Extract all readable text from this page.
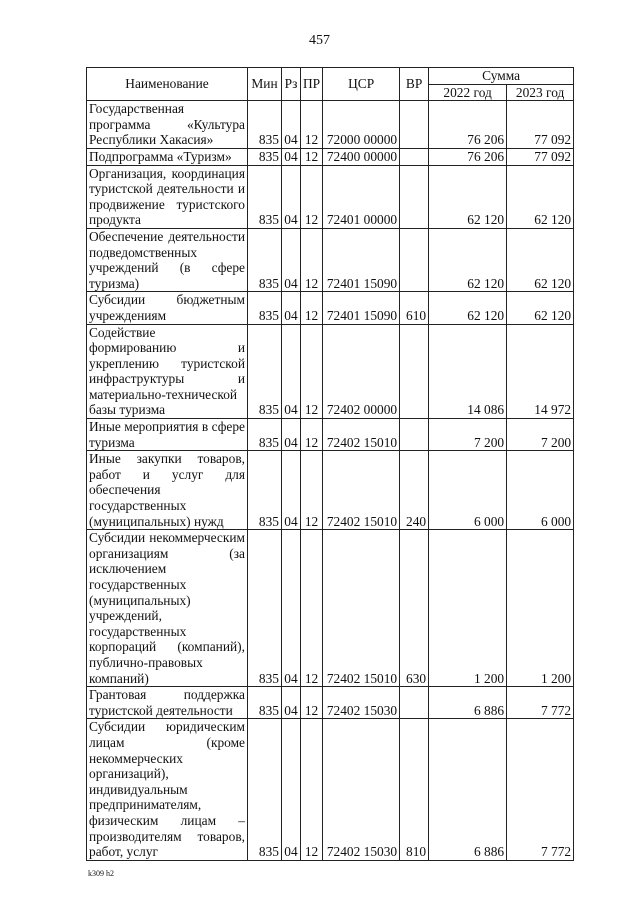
457
Наименование	Мин	Рз	ПР	ЦСР	ВР	Сумма	
						2022 год	2023 год
Государственная программа «Культура Республики Хакасия»	835	04	12	72000 00000		76 206	77 092
Подпрограмма «Туризм»	835	04	12	72400 00000		76 206	77 092
Организация, координация туристской деятельности и продвижение туристского продукта	835	04	12	72401 00000		62 120	62 120
Обеспечение деятельности подведомственных учреждений (в сфере туризма)	835	04	12	72401 15090		62 120	62 120
Субсидии бюджетным учреждениям	835	04	12	72401 15090	610	62 120	62 120
Содействие формированию и укреплению туристской инфраструктуры и материально-технической базы туризма	835	04	12	72402 00000		14 086	14 972
Иные мероприятия в сфере туризма	835	04	12	72402 15010		7 200	7 200
Иные закупки товаров, работ и услуг для обеспечения государственных (муниципальных) нужд	835	04	12	72402 15010	240	6 000	6 000
Субсидии некоммерческим организациям (за исключением государственных (муниципальных) учреждений, государственных корпораций (компаний), публично-правовых компаний)	835	04	12	72402 15010	630	1 200	1 200
Грантовая поддержка туристской деятельности	835	04	12	72402 15030		6 886	7 772
Субсидии юридическим лицам (кроме некоммерческих организаций), индивидуальным предпринимателям, физическим лицам – производителям товаров, работ, услуг	835	04	12	72402 15030	810	6 886	7 772
k309 h2
